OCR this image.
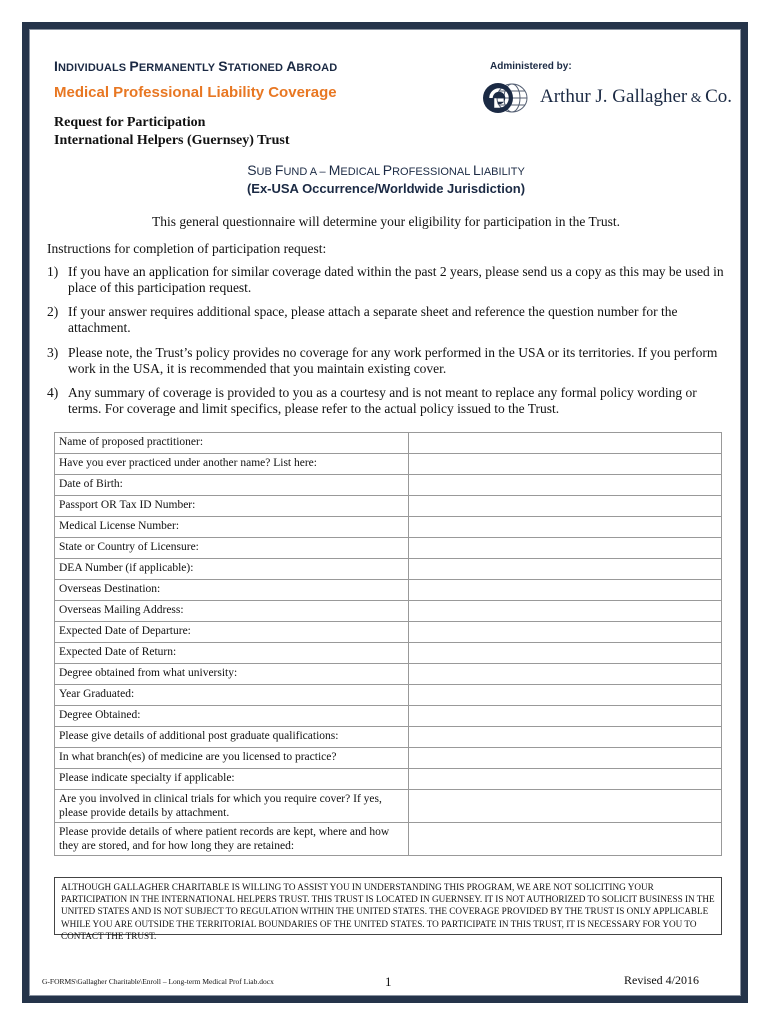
INDIVIDUALS PERMANENTLY STATIONED ABROAD
Medical Professional Liability Coverage
Administered by:
Arthur J. Gallagher & Co.
Request for Participation
International Helpers (Guernsey) Trust
SUB FUND A – MEDICAL PROFESSIONAL LIABILITY
(Ex-USA Occurrence/Worldwide Jurisdiction)
This general questionnaire will determine your eligibility for participation in the Trust.
Instructions for completion of participation request:
1) If you have an application for similar coverage dated within the past 2 years, please send us a copy as this may be used in place of this participation request.
2) If your answer requires additional space, please attach a separate sheet and reference the question number for the attachment.
3) Please note, the Trust’s policy provides no coverage for any work performed in the USA or its territories. If you perform work in the USA, it is recommended that you maintain existing cover.
4) Any summary of coverage is provided to you as a courtesy and is not meant to replace any formal policy wording or terms. For coverage and limit specifics, please refer to the actual policy issued to the Trust.
Name of proposed practitioner:	
Have you ever practiced under another name? List here:	
Date of Birth:	
Passport OR Tax ID Number:	
Medical License Number:	
State or Country of Licensure:	
DEA Number (if applicable):	
Overseas Destination:	
Overseas Mailing Address:	
Expected Date of Departure:	
Expected Date of Return:	
Degree obtained from what university:	
Year Graduated:	
Degree Obtained:	
Please give details of additional post graduate qualifications:	
In what branch(es) of medicine are you licensed to practice?	
Please indicate specialty if applicable:	
Are you involved in clinical trials for which you require cover? If yes, please provide details by attachment.	
Please provide details of where patient records are kept, where and how they are stored, and for how long they are retained:	
ALTHOUGH GALLAGHER CHARITABLE IS WILLING TO ASSIST YOU IN UNDERSTANDING THIS PROGRAM, WE ARE NOT SOLICITING YOUR PARTICIPATION IN THE INTERNATIONAL HELPERS TRUST. THIS TRUST IS LOCATED IN GUERNSEY. IT IS NOT AUTHORIZED TO SOLICIT BUSINESS IN THE UNITED STATES AND IS NOT SUBJECT TO REGULATION WITHIN THE UNITED STATES. THE COVERAGE PROVIDED BY THE TRUST IS ONLY APPLICABLE WHILE YOU ARE OUTSIDE THE TERRITORIAL BOUNDARIES OF THE UNITED STATES. TO PARTICIPATE IN THIS TRUST, IT IS NECESSARY FOR YOU TO CONTACT THE TRUST.
G-FORMS\Gallagher Charitable\Enroll – Long-term Medical Prof Liab.docx	1	Revised 4/2016
